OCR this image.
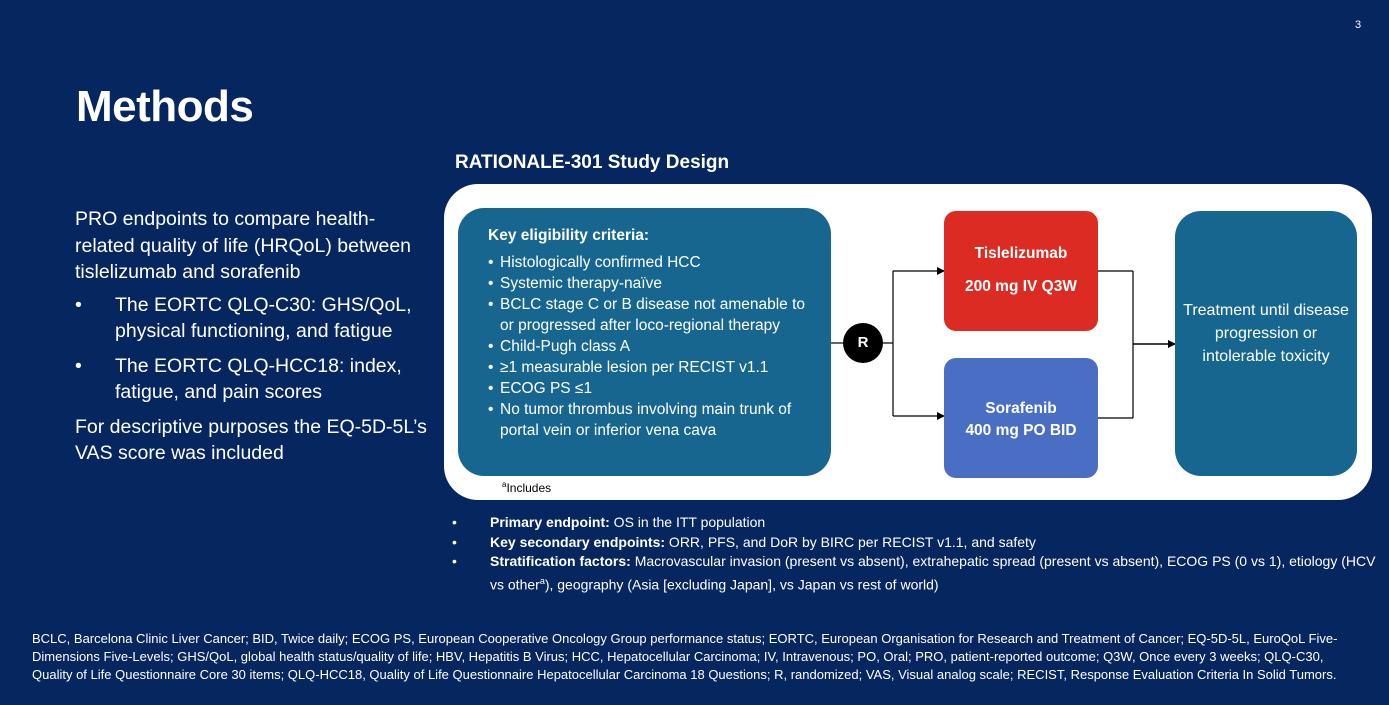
3
Methods

PRO endpoints to compare health-related quality of life (HRQoL) between tislelizumab and sorafenib

• The EORTC QLQ-C30: GHS/QoL, physical functioning, and fatigue
• The EORTC QLQ-HCC18: index, fatigue, and pain scores

For descriptive purposes the EQ-5D-5L’s VAS score was included

RATIONALE-301 Study Design
Key eligibility criteria:
• Histologically confirmed HCC
• Systemic therapy-naïve
• BCLC stage C or B disease not amenable to or progressed after loco-regional therapy
• Child-Pugh class A
• ≥1 measurable lesion per RECIST v1.1
• ECOG PS ≤1
• No tumor thrombus involving main trunk of portal vein or inferior vena cava
$^a$Includes
R
Tislelizumab
200 mg IV Q3W
Sorafenib
400 mg PO BID
Treatment until disease progression or intolerable toxicity
• Primary endpoint: OS in the ITT population
• Key secondary endpoints: ORR, PFS, and DoR by BIRC per RECIST v1.1, and safety
• Stratification factors: Macrovascular invasion (present vs absent), extrahepatic spread (present vs absent), ECOG PS (0 vs 1), etiology (HCV vs other$^a$), geography (Asia [excluding Japan], vs Japan vs rest of world)
BCLC, Barcelona Clinic Liver Cancer; BID, Twice daily; ECOG PS, European Cooperative Oncology Group performance status; EORTC, European Organisation for Research and Treatment of Cancer; EQ-5D-5L, EuroQoL Five-Dimensions Five-Levels; GHS/QoL, global health status/quality of life; HBV, Hepatitis B Virus; HCC, Hepatocellular Carcinoma; IV, Intravenous; PO, Oral; PRO, patient-reported outcome; Q3W, Once every 3 weeks; QLQ-C30, Quality of Life Questionnaire Core 30 items; QLQ-HCC18, Quality of Life Questionnaire Hepatocellular Carcinoma 18 Questions; R, randomized; VAS, Visual analog scale; RECIST, Response Evaluation Criteria In Solid Tumors.
